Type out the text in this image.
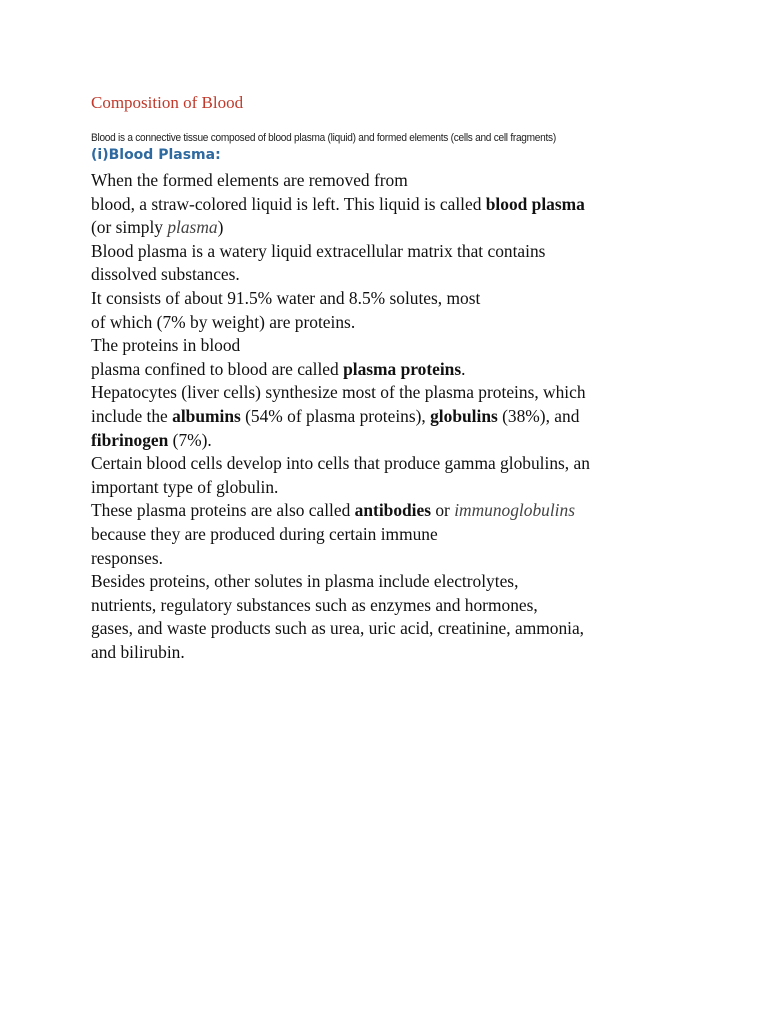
Composition of Blood
Blood is a connective tissue composed of blood plasma (liquid) and formed elements (cells and cell fragments)
(i)Blood Plasma:
When the formed elements are removed from
blood, a straw-colored liquid is left. This liquid is called blood plasma
(or simply plasma)
Blood plasma is a watery liquid extracellular matrix that contains
dissolved substances.
It consists of about 91.5% water and 8.5% solutes, most
of which (7% by weight) are proteins.
The proteins in blood
plasma confined to blood are called plasma proteins.
Hepatocytes (liver cells) synthesize most of the plasma proteins, which
include the albumins (54% of plasma proteins), globulins (38%), and
fibrinogen (7%).
Certain blood cells develop into cells that produce gamma globulins, an
important type of globulin.
These plasma proteins are also called antibodies or immunoglobulins
because they are produced during certain immune
responses.
Besides proteins, other solutes in plasma include electrolytes,
nutrients, regulatory substances such as enzymes and hormones,
gases, and waste products such as urea, uric acid, creatinine, ammonia,
and bilirubin.
